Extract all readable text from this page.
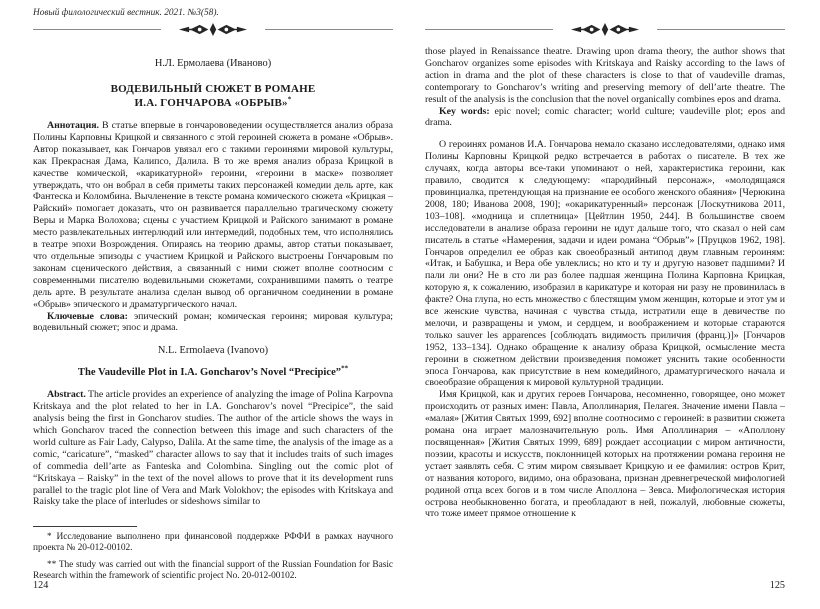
Новый филологический вестник. 2021. №3(58).
Н.Л. Ермолаева (Иваново)
ВОДЕВИЛЬНЫЙ СЮЖЕТ В РОМАНЕ
И.А. ГОНЧАРОВА «ОБРЫВ»*

Аннотация. В статье впервые в гончарововедении осуществляется анализ образа Полины Карповны Крицкой и связанного с этой героиней сюжета в романе «Обрыв». Автор показывает, как Гончаров увязал его с такими героинями мировой культуры, как Прекрасная Дама, Калипсо, Далила. В то же время анализ образа Крицкой в качестве комической, «карикатурной» героини, «героини в маске» позволяет утверждать, что он вобрал в себя приметы таких персонажей комедии дель арте, как Фантеска и Коломбина. Вычленение в тексте романа комического сюжета «Крицкая – Райский» помогает доказать, что он развивается параллельно трагическому сюжету Веры и Марка Волохова; сцены с участием Крицкой и Райского занимают в романе место развлекательных интерлюдий или интермедий, подобных тем, что исполнялись в театре эпохи Возрождения. Опираясь на теорию драмы, автор статьи показывает, что отдельные эпизоды с участием Крицкой и Райского выстроены Гончаровым по законам сценического действия, а связанный с ними сюжет вполне соотносим с современными писателю водевильными сюжетами, сохранившими память о театре дель арте. В результате анализа сделан вывод об органичном соединении в романе «Обрыв» эпического и драматургического начал.

Ключевые слова: эпический роман; комическая героиня; мировая культура; водевильный сюжет; эпос и драма.

N.L. Ermolaeva (Ivanovo)
The Vaudeville Plot in I.A. Goncharov’s Novel “Precipice”**

Abstract. The article provides an experience of analyzing the image of Polina Karpovna Kritskaya and the plot related to her in I.A. Goncharov’s novel “Precipice”, the said analysis being the first in Goncharov studies. The author of the article shows the ways in which Goncharov traced the connection between this image and such characters of the world culture as Fair Lady, Calypso, Dalila. At the same time, the analysis of the image as a comic, “caricature”, “masked” character allows to say that it includes traits of such images of commedia dell’arte as Fanteska and Colombina. Singling out the comic plot of “Kritskaya – Raisky” in the text of the novel allows to prove that it its development runs parallel to the tragic plot line of Vera and Mark Volokhov; the episodes with Kritskaya and Raisky take the place of interludes or sideshows similar to

* Исследование выполнено при финансовой поддержке РФФИ в рамках научного проекта № 20-012-00102.

** The study was carried out with the financial support of the Russian Foundation for Basic Research within the framework of scientific project No. 20-012-00102.

124

those played in Renaissance theatre. Drawing upon drama theory, the author shows that Goncharov organizes some episodes with Kritskaya and Raisky according to the laws of action in drama and the plot of these characters is close to that of vaudeville dramas, contemporary to Goncharov’s writing and preserving memory of dell’arte theatre. The result of the analysis is the conclusion that the novel organically combines epos and drama.

Key words: epic novel; comic character; world culture; vaudeville plot; epos and drama.

О героинях романов И.А. Гончарова немало сказано исследователями, однако имя Полины Карповны Крицкой редко встречается в работах о писателе. В тех же случаях, когда авторы все-таки упоминают о ней, характеристика героини, как правило, сводится к следующему: «пародийный персонаж», «молодящаяся провинциалка, претендующая на признание ее особого женского обаяния» [Черюкина 2008, 180; Иванова 2008, 190]; «окарикатуренный» персонаж [Лоскутникова 2011, 103–108]. «модница и сплетница» [Цейтлин 1950, 244]. В большинстве своем исследователи в анализе образа героини не идут дальше того, что сказал о ней сам писатель в статье «Намерения, задачи и идеи романа “Обрыв”» [Пруцков 1962, 198]. Гончаров определил ее образ как своеобразный антипод двум главным героиням: «Итак, и Бабушка, и Вера обе увлеклись; но кто и ту и другую назовет падшими? И пали ли они? Не в сто ли раз более падшая женщина Полина Карповна Крицкая, которую я, к сожалению, изобразил в карикатуре и которая ни разу не провинилась в факте? Она глупа, но есть множество с блестящим умом женщин, которые и этот ум и все женские чувства, начиная с чувства стыда, истратили еще в девичестве по мелочи, и развращены и умом, и сердцем, и воображением и которые стараются только sauver les apparences [соблюдать видимость приличия (франц.)]» [Гончаров 1952, 133–134]. Однако обращение к анализу образа Крицкой, осмысление места героини в сюжетном действии произведения поможет уяснить такие особенности эпоса Гончарова, как присутствие в нем комедийного, драматургического начала и своеобразие обращения к мировой культурной традиции.

Имя Крицкой, как и других героев Гончарова, несомненно, говорящее, оно может происходить от разных имен: Павла, Аполлинария, Пелагея. Значение имени Павла – «малая» [Жития Святых 1999, 692] вполне соотносимо с героиней: в развитии сюжета романа она играет малозначительную роль. Имя Аполлинария – «Аполлону посвященная» [Жития Святых 1999, 689] рождает ассоциации с миром античности, поэзии, красоты и искусств, поклонницей которых на протяжении романа героиня не устает заявлять себя. С этим миром связывает Крицкую и ее фамилия: остров Крит, от названия которого, видимо, она образована, признан древнегреческой мифологией родиной отца всех богов и в том числе Аполлона – Зевса. Мифологическая история острова необыкновенно богата, и преобладают в ней, пожалуй, любовные сюжеты, что тоже имеет прямое отношение к

125
